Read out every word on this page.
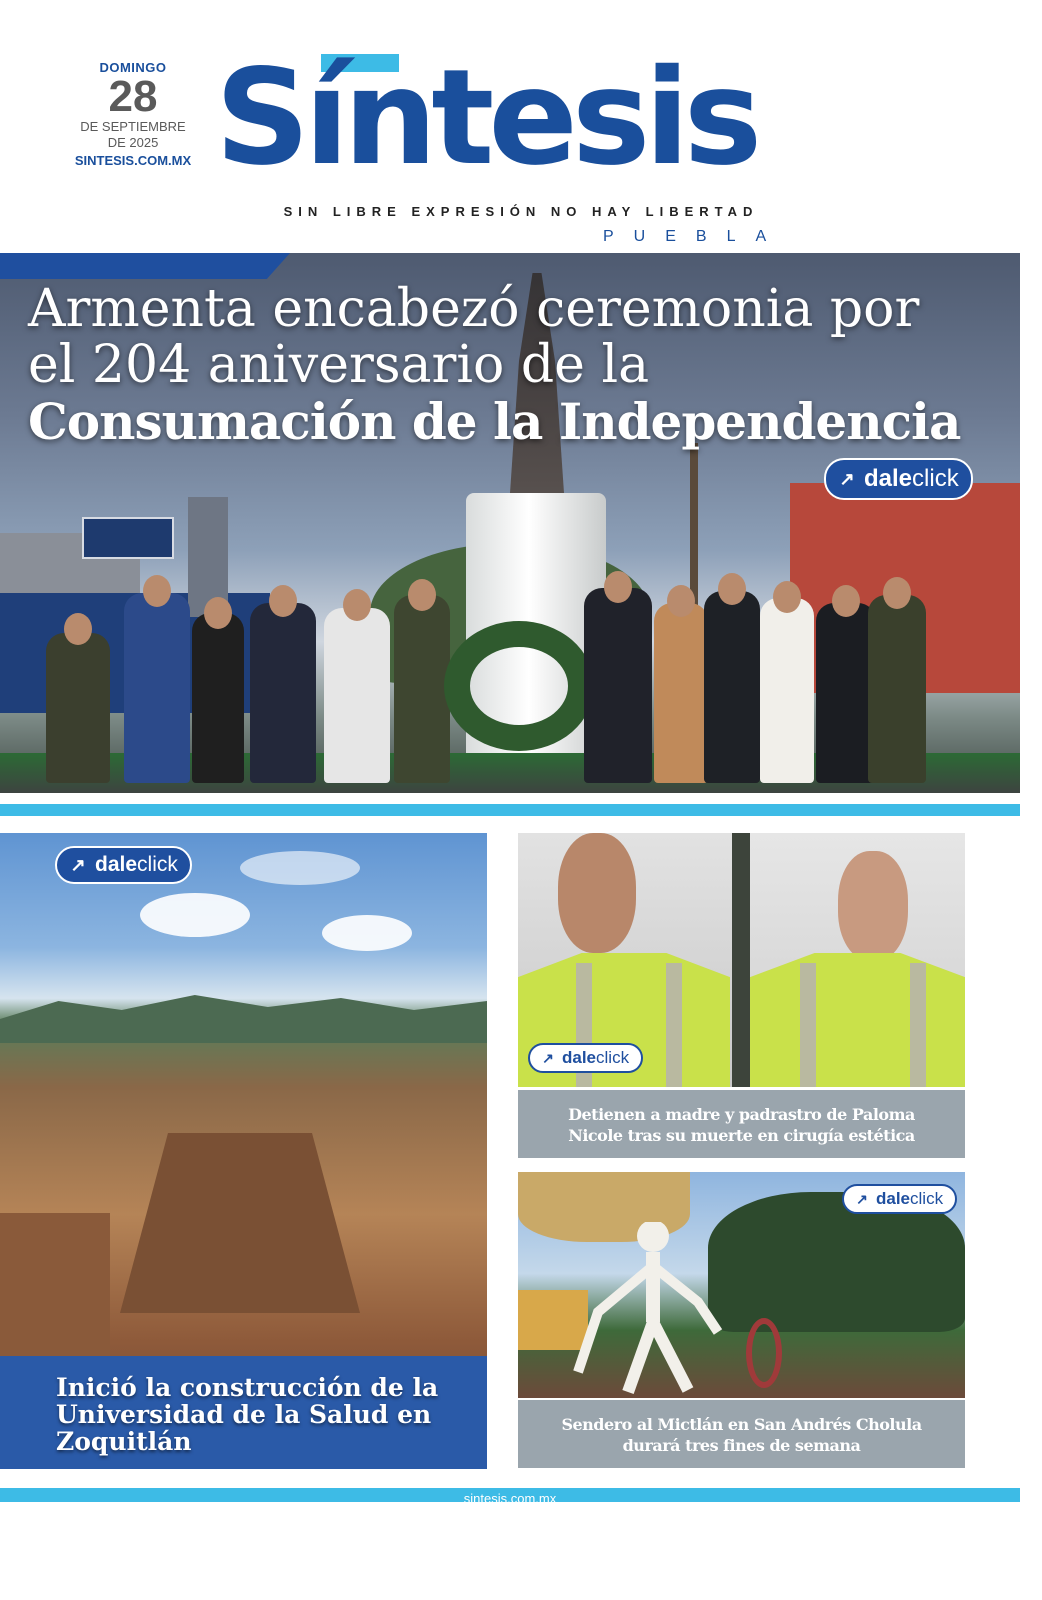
DOMINGO
28
DE SEPTIEMBRE
DE 2025
SINTESIS.COM.MX Síntesis
PUEBLA
SIN LIBRE EXPRESIÓN NO HAY LIBERTAD
Armenta encabezó ceremonia por
el 204 aniversario de la
Consumación de la Independencia
↗ dale click
↗ dale click
Inició la construcción de la
Universidad de la Salud en
Zoquitlán
↗ dale click
Detienen a madre y padrastro de Paloma
Nicole tras su muerte en cirugía estética
↗ dale click
Sendero al Mictlán en San Andrés Cholula
durará tres fines de semana
sintesis.com.mx
